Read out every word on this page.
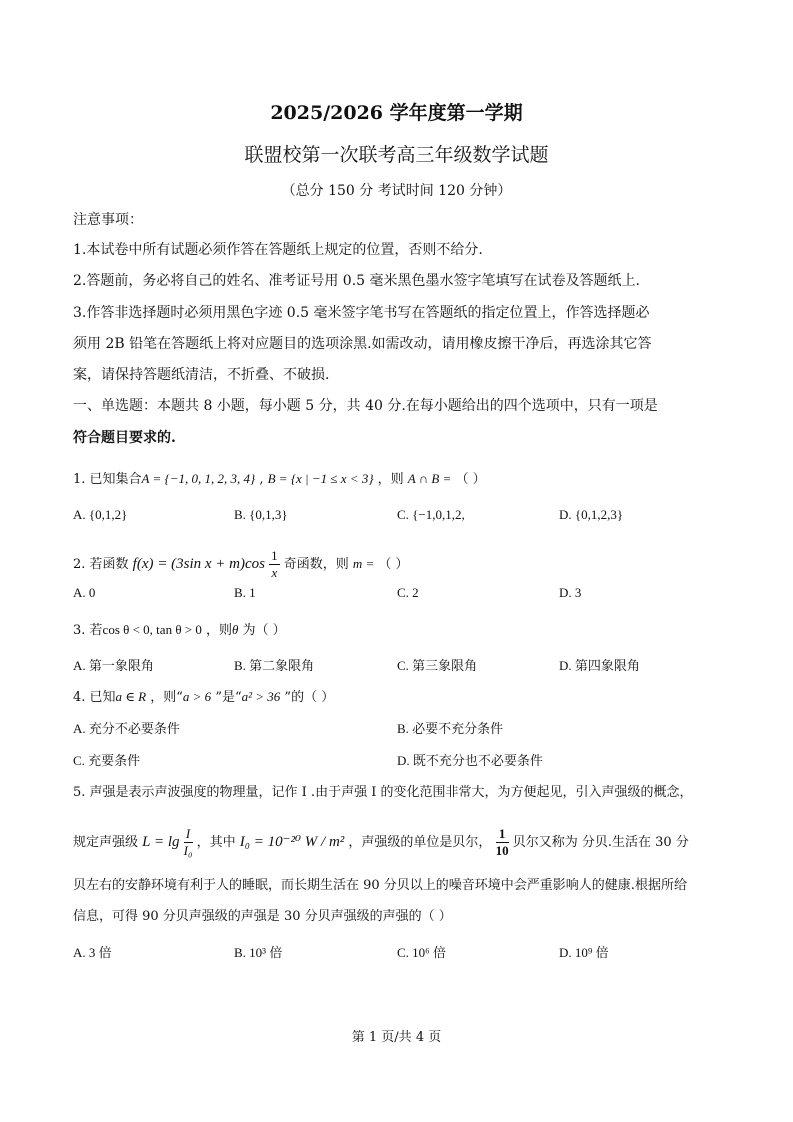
2025/2026 学年度第一学期
联盟校第一次联考高三年级数学试题
（总分 150 分 考试时间 120 分钟）
注意事项：
1.本试卷中所有试题必须作答在答题纸上规定的位置，否则不给分.
2.答题前，务必将自己的姓名、准考证号用 0.5 毫米黑色墨水签字笔填写在试卷及答题纸上.
3.作答非选择题时必须用黑色字迹 0.5 毫米签字笔书写在答题纸的指定位置上，作答选择题必
须用 2B 铅笔在答题纸上将对应题目的选项涂黑.如需改动，请用橡皮擦干净后，再选涂其它答
案，请保持答题纸清洁，不折叠、不破损.
一、单选题：本题共 8 小题，每小题 5 分，共 40 分.在每小题给出的四个选项中，只有一项是
符合题目要求的.
1. 已知集合A = {−1, 0, 1, 2, 3, 4} , B = {x | −1 ≤ x < 3} ，则 A ∩ B = （ ）
A. {0,1,2}	B. {0,1,3}	C. {−1,0,1,2,	D. {0,1,2,3}
2. 若函数 f(x) = (3sin $x + m)\cos \frac{1}{x}$ 奇函数，则 m = （ ）
A. 0	B. 1	C. 2	D. 3
3. 若cos θ < 0, tan θ > 0 ，则θ 为（ ）
A. 第一象限角	B. 第二象限角	C. 第三象限角	D. 第四象限角
4. 已知a ∈ R ，则“a > 6 ”是“a² > 36 ”的（ ）
A. 充分不必要条件	B. 必要不充分条件
C. 充要条件	D. 既不充分也不必要条件
5. 声强是表示声波强度的物理量，记作 I .由于声强 I 的变化范围非常大，为方便起见，引入声强级的概念，
规定声强级 $L = \lg \frac{I}{\text{I₀}}$ ，其中 I₀ = 10⁻²⁰ W / m² ，声强级的单位是贝尔， $\frac{1}{10}$ 贝尔又称为 分贝.生活在 30 分
贝左右的安静环境有利于人的睡眠，而长期生活在 90 分贝以上的噪音环境中会严重影响人的健康.根据所给
信息，可得 90 分贝声强级的声强是 30 分贝声强级的声强的（ ）
A. 3 倍	B. 10³ 倍	C. 10⁶ 倍	D. 10⁹ 倍
第 1 页/共 4 页
